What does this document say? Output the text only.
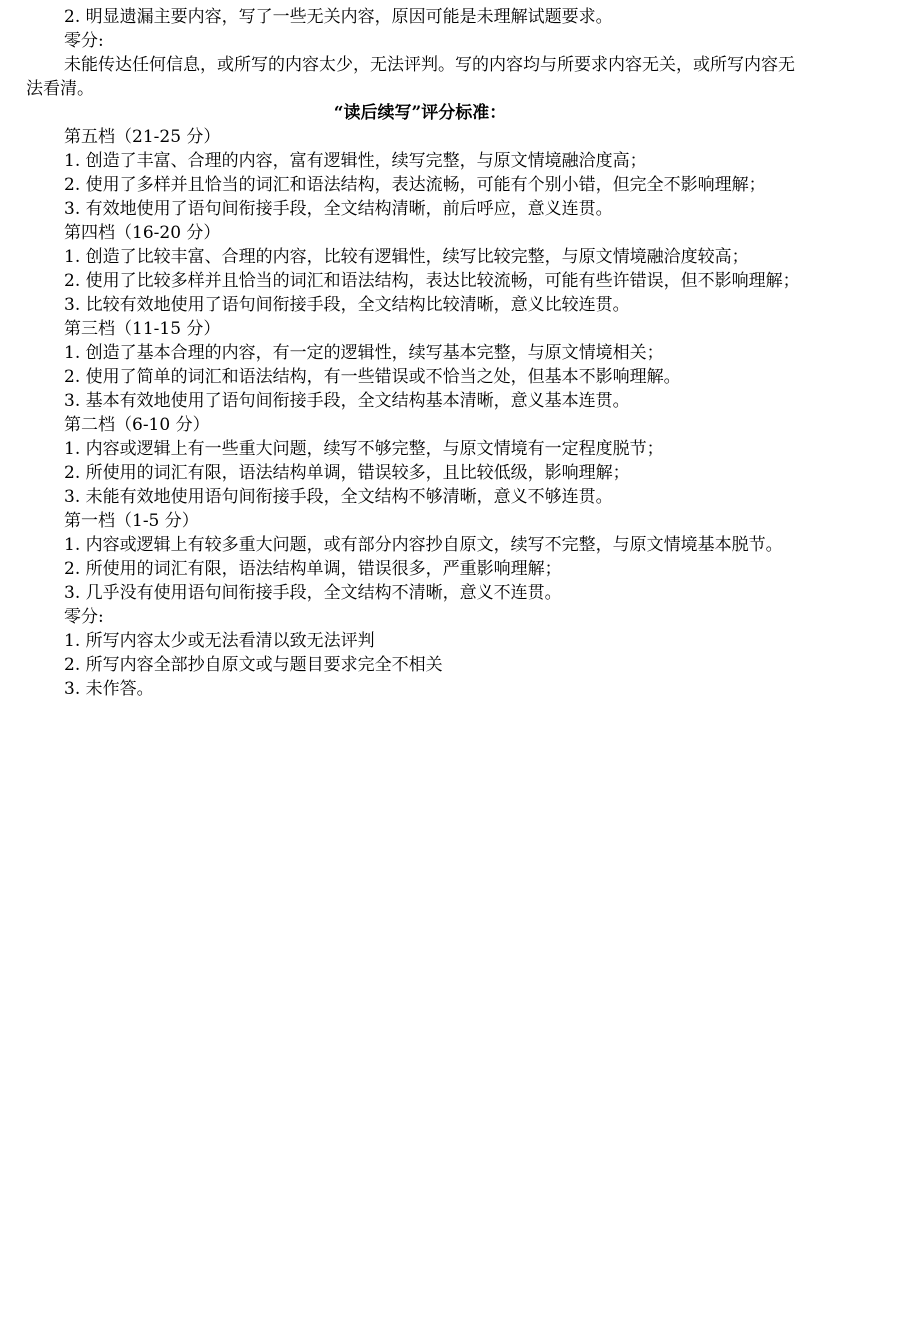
2. 明显遗漏主要内容，写了一些无关内容，原因可能是未理解试题要求。
零分:
未能传达任何信息，或所写的内容太少，无法评判。写的内容均与所要求内容无关，或所写内容无
法看清。
“读后续写”评分标准：
第五档（21-25 分）
1. 创造了丰富、合理的内容，富有逻辑性，续写完整，与原文情境融洽度高；
2. 使用了多样并且恰当的词汇和语法结构，表达流畅，可能有个别小错，但完全不影响理解；
3. 有效地使用了语句间衔接手段，全文结构清晰，前后呼应，意义连贯。
第四档（16-20 分）
1. 创造了比较丰富、合理的内容，比较有逻辑性，续写比较完整，与原文情境融洽度较高；
2. 使用了比较多样并且恰当的词汇和语法结构，表达比较流畅，可能有些许错误，但不影响理解；
3. 比较有效地使用了语句间衔接手段，全文结构比较清晰，意义比较连贯。
第三档（11-15 分）
1. 创造了基本合理的内容，有一定的逻辑性，续写基本完整，与原文情境相关；
2. 使用了简单的词汇和语法结构，有一些错误或不恰当之处，但基本不影响理解。
3. 基本有效地使用了语句间衔接手段，全文结构基本清晰，意义基本连贯。
第二档（6-10 分）
1. 内容或逻辑上有一些重大问题，续写不够完整，与原文情境有一定程度脱节；
2. 所使用的词汇有限，语法结构单调，错误较多，且比较低级，影响理解；
3. 未能有效地使用语句间衔接手段，全文结构不够清晰，意义不够连贯。
第一档（1-5 分）
1. 内容或逻辑上有较多重大问题，或有部分内容抄自原文，续写不完整，与原文情境基本脱节。
2. 所使用的词汇有限，语法结构单调，错误很多，严重影响理解；
3. 几乎没有使用语句间衔接手段，全文结构不清晰，意义不连贯。
零分:
1. 所写内容太少或无法看清以致无法评判
2. 所写内容全部抄自原文或与题目要求完全不相关
3. 未作答。
